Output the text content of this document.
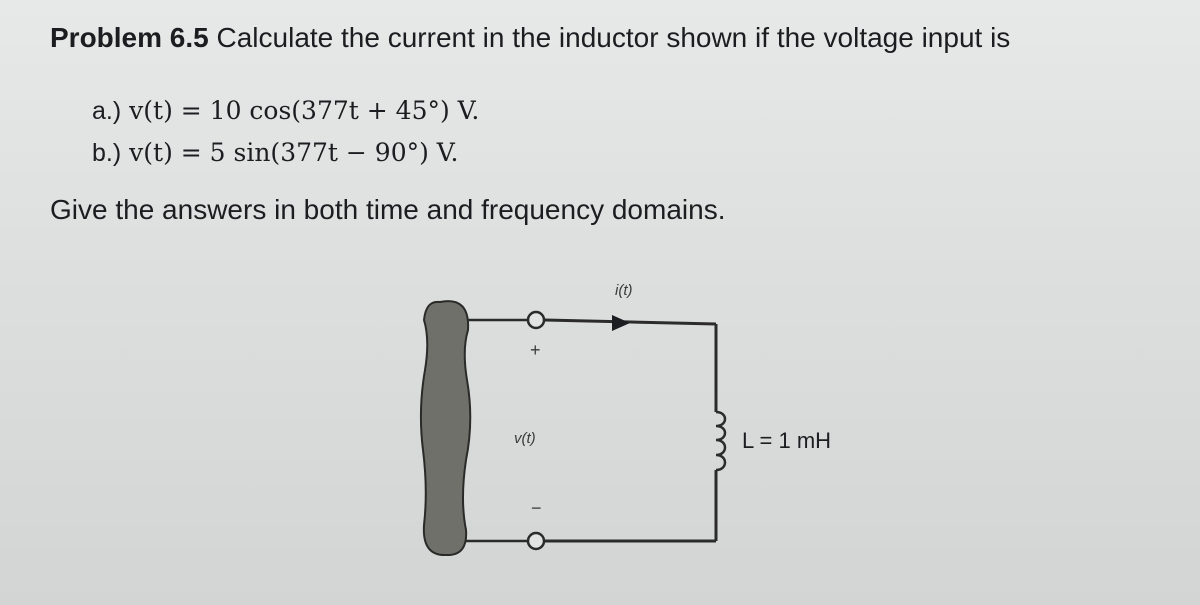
Problem 6.5 Calculate the current in the inductor shown if the voltage input is
a.) v(t) = 10 cos(377t + 45°) V.
b.) v(t) = 5 sin(377t − 90°) V.
Give the answers in both time and frequency domains.
i(t)
+
v(t)
−
L = 1 mH
